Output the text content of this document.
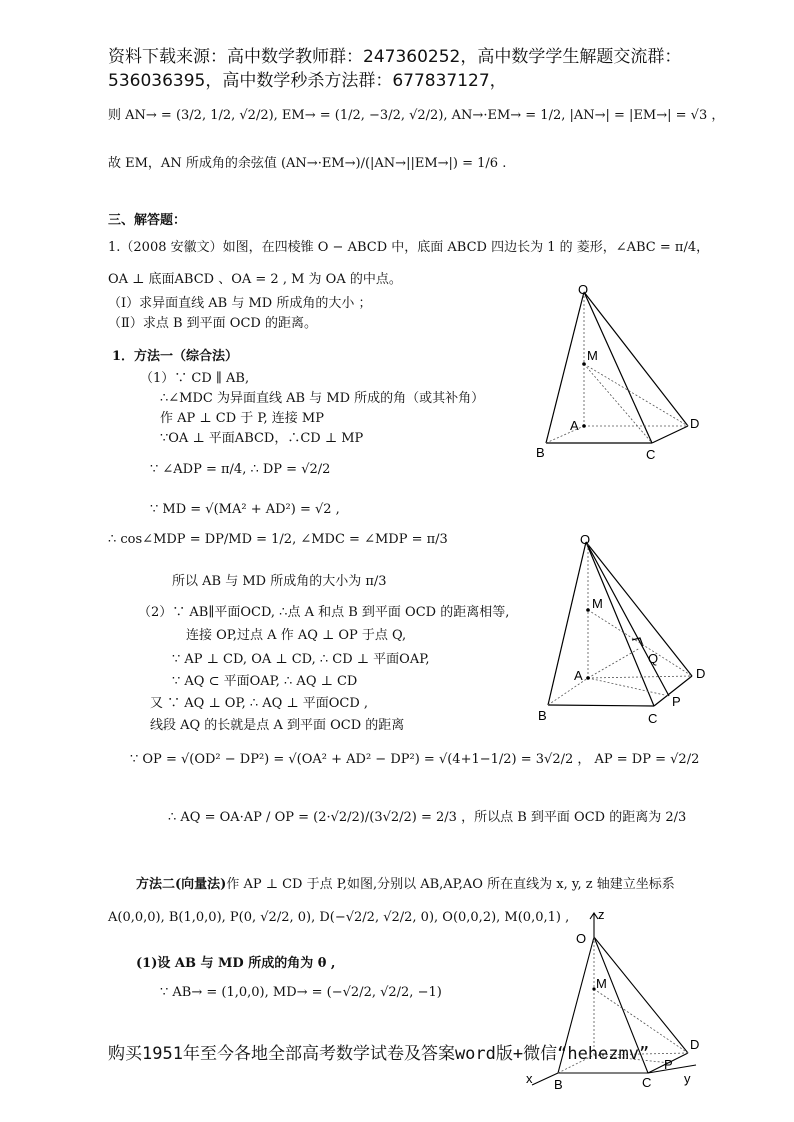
资料下载来源：高中数学教师群：247360252，高中数学学生解题交流群：
536036395，高中数学秒杀方法群：677837127，
则 AN→ = (3/2, 1/2, √2/2), EM→ = (1/2, −3/2, √2/2), AN→·EM→ = 1/2, |AN→| = |EM→| = √3 ，
故 EM，AN 所成角的余弦值 (AN→·EM→)/(|AN→||EM→|) = 1/6 .
三、解答题：
1.（2008 安徽文）如图，在四棱锥 O − ABCD 中，底面 ABCD 四边长为 1 的 菱形，∠ABC = π/4，
OA ⊥ 底面ABCD 、OA = 2 , M 为 OA 的中点。
（Ⅰ）求异面直线 AB 与 MD 所成角的大小 ；
（Ⅱ）求点 B 到平面 OCD 的距离。
1．方法一（综合法）
（1）∵ CD ∥ AB,
∴∠MDC 为异面直线 AB 与 MD 所成的角（或其补角）
作 AP ⊥ CD 于 P, 连接 MP
∵OA ⊥ 平面ABCD，∴CD ⊥ MP
∵ ∠ADP = π/4, ∴ DP = √2/2
∵ MD = √(MA² + AD²) = √2 ,
∴ cos∠MDP = DP/MD = 1/2, ∠MDC = ∠MDP = π/3
所以 AB 与 MD 所成角的大小为 π/3
（2）∵ AB∥平面OCD, ∴点 A 和点 B 到平面 OCD 的距离相等,
连接 OP,过点 A 作 AQ ⊥ OP 于点 Q,
∵ AP ⊥ CD, OA ⊥ CD, ∴ CD ⊥ 平面OAP,
∵ AQ ⊂ 平面OAP, ∴ AQ ⊥ CD
又 ∵ AQ ⊥ OP, ∴ AQ ⊥ 平面OCD ,
线段 AQ 的长就是点 A 到平面 OCD 的距离
∵ OP = √(OD² − DP²) = √(OA² + AD² − DP²) = √(4+1−1/2) = 3√2/2 ， AP = DP = √2/2
∴ AQ = OA·AP / OP = (2·√2/2)/(3√2/2) = 2/3 ，所以点 B 到平面 OCD 的距离为 2/3
方法二(向量法)作 AP ⊥ CD 于点 P,如图,分别以 AB,AP,AO 所在直线为 x, y, z 轴建立坐标系
A(0,0,0), B(1,0,0), P(0, √2/2, 0), D(−√2/2, √2/2, 0), O(0,0,2), M(0,0,1) ,
(1)设 AB 与 MD 所成的角为 θ ,
∵ AB→ = (1,0,0), MD→ = (−√2/2, √2/2, −1)
O
M
A
B	C
D
O
M
A
Q
D
P
B	C
z
O
M
x B	C
P
D
y
购买1951年至今各地全部高考数学试卷及答案word版+微信“hehezmv”
